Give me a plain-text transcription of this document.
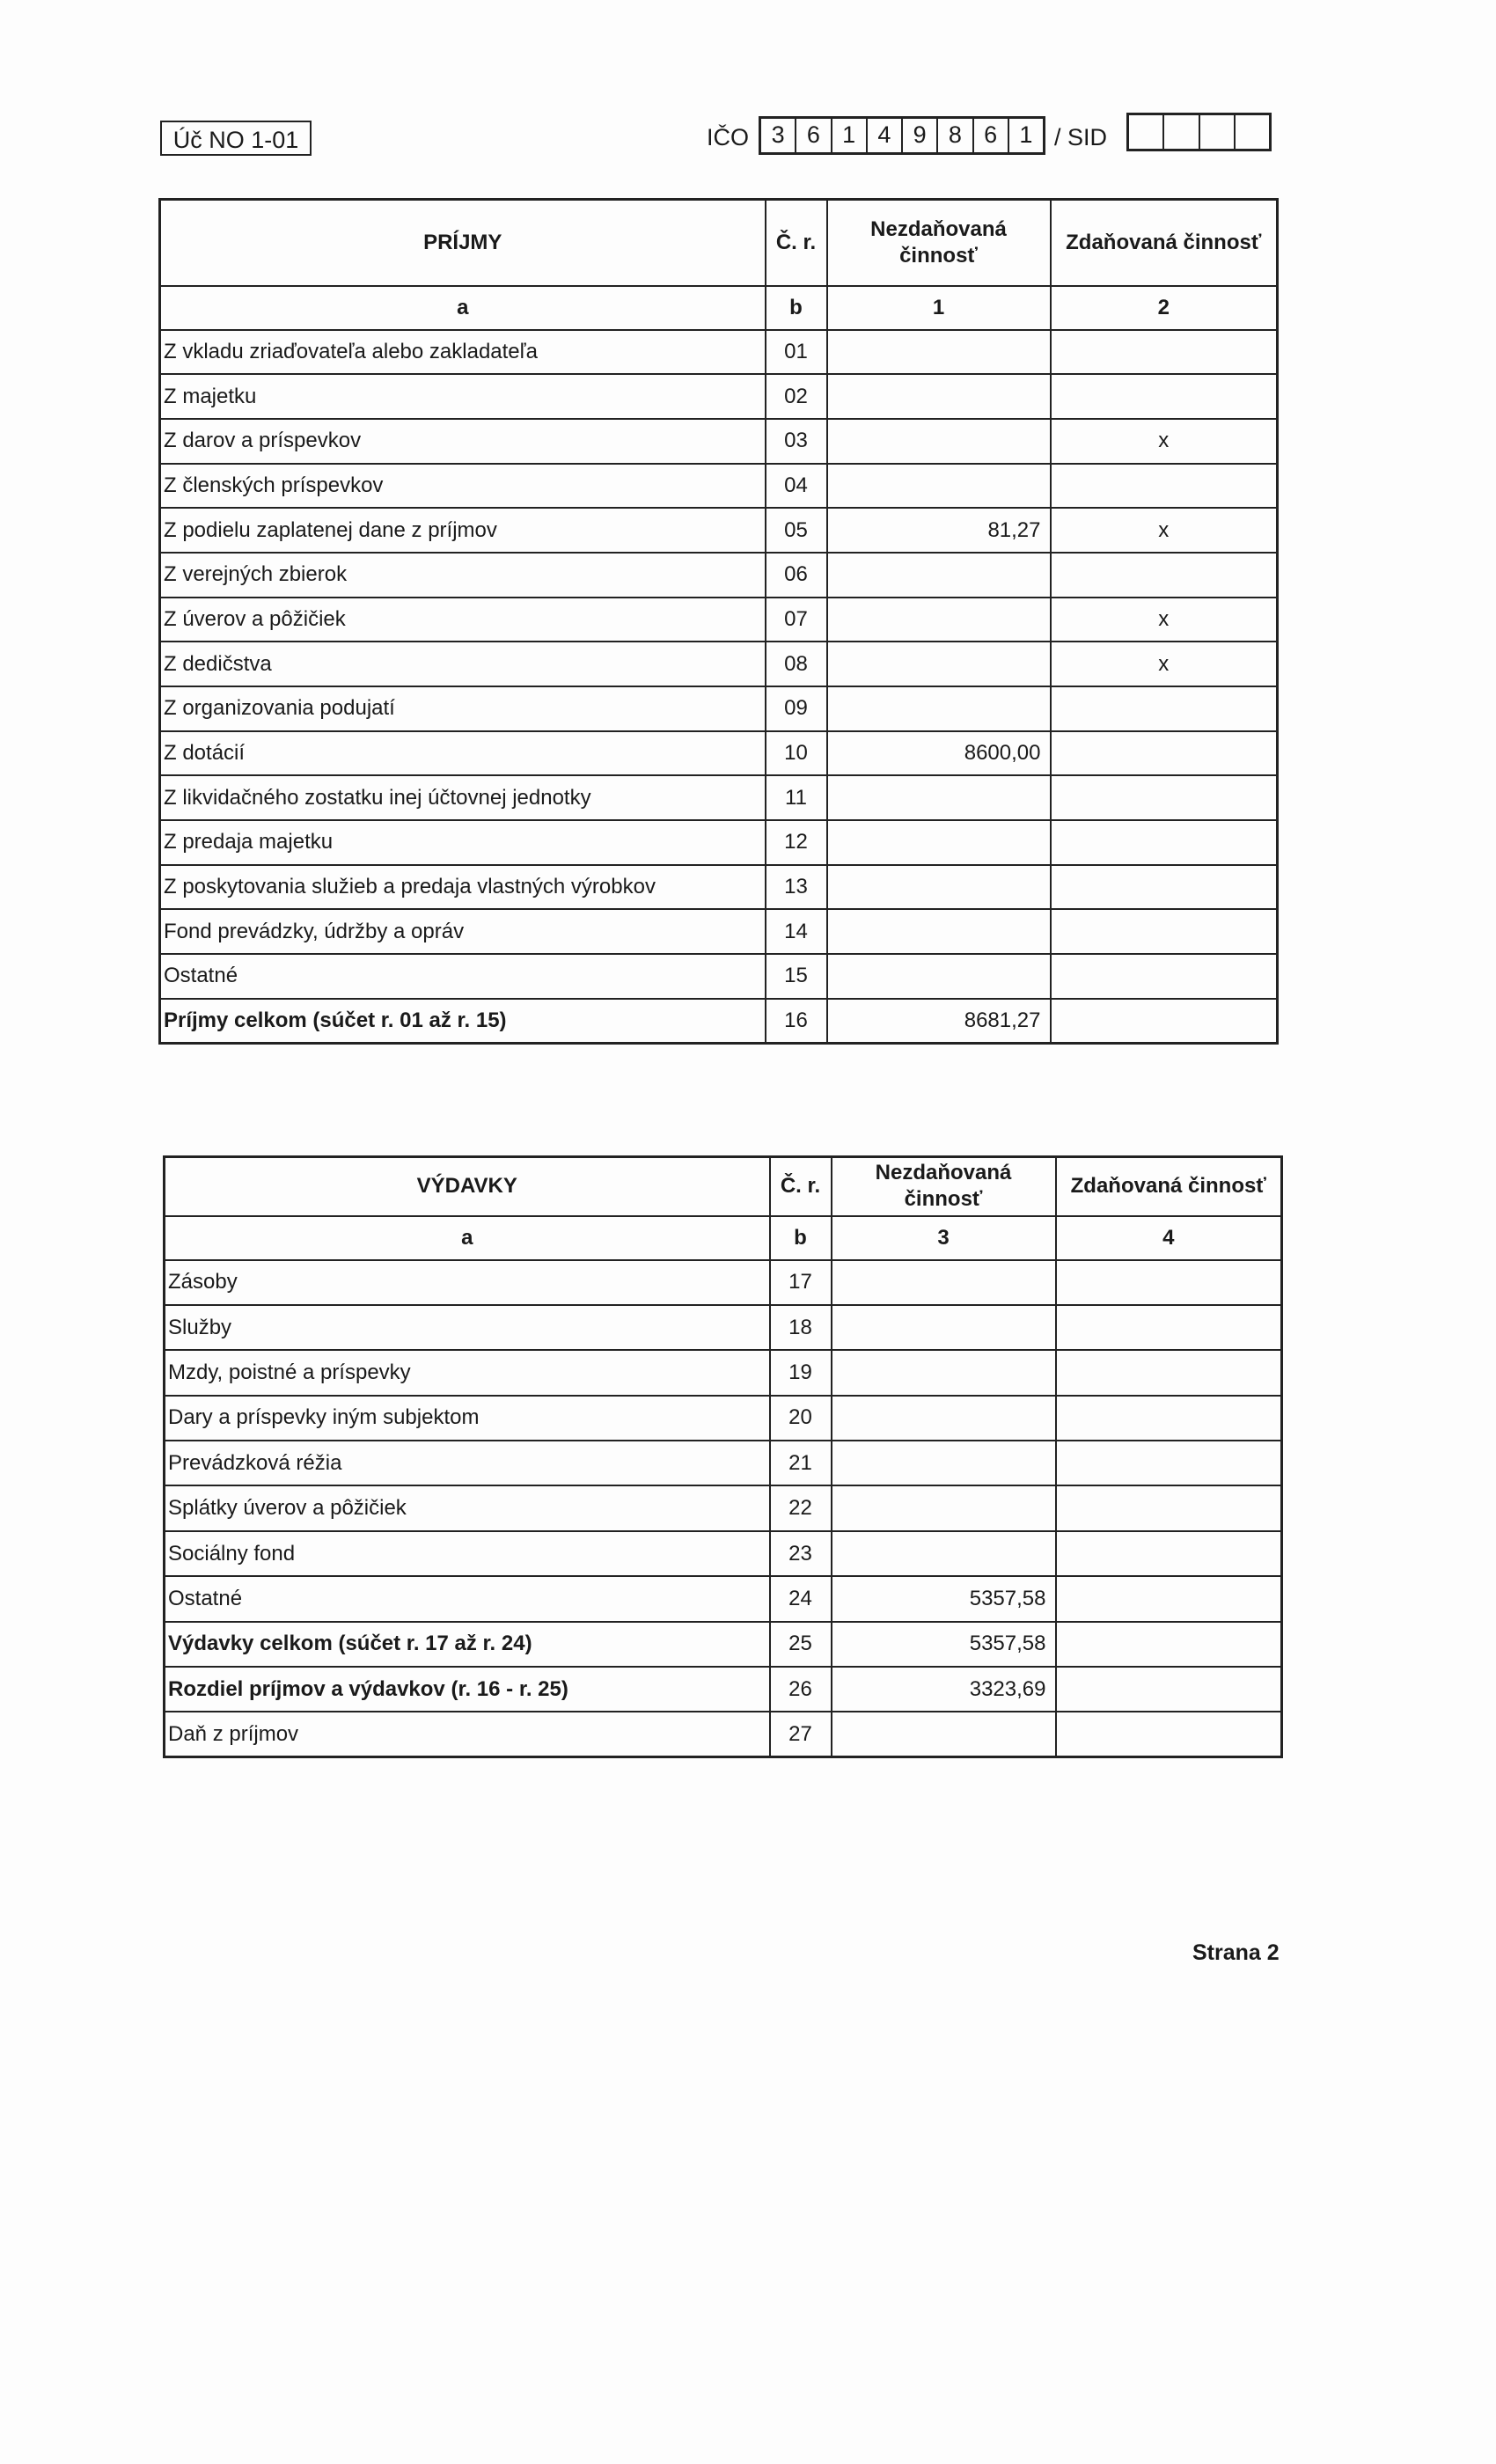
Úč NO 1-01	IČO 3 6 1 4 9 8 6 1 / SID
PRÍJMY	Č. r.	Nezdaňovaná činnosť	Zdaňovaná činnosť
a	b	1	2
Z vkladu zriaďovateľa alebo zakladateľa	01		
Z majetku	02		
Z darov a príspevkov	03		x
Z členských príspevkov	04		
Z podielu zaplatenej dane z príjmov	05	81,27	x
Z verejných zbierok	06		
Z úverov a pôžičiek	07		x
Z dedičstva	08		x
Z organizovania podujatí	09		
Z dotácií	10	8600,00	
Z likvidačného zostatku inej účtovnej jednotky	11		
Z predaja majetku	12		
Z poskytovania služieb a predaja vlastných výrobkov	13		
Fond prevádzky, údržby a opráv	14		
Ostatné	15		
Príjmy celkom (súčet r. 01 až r. 15)	16	8681,27	
VÝDAVKY	Č. r.	Nezdaňovaná činnosť	Zdaňovaná činnosť
a	b	3	4
Zásoby	17		
Služby	18		
Mzdy, poistné a príspevky	19		
Dary a príspevky iným subjektom	20		
Prevádzková réžia	21		
Splátky úverov a pôžičiek	22		
Sociálny fond	23		
Ostatné	24	5357,58	
Výdavky celkom (súčet r. 17 až r. 24)	25	5357,58	
Rozdiel príjmov a výdavkov (r. 16 - r. 25)	26	3323,69	
Daň z príjmov	27		
Strana 2
